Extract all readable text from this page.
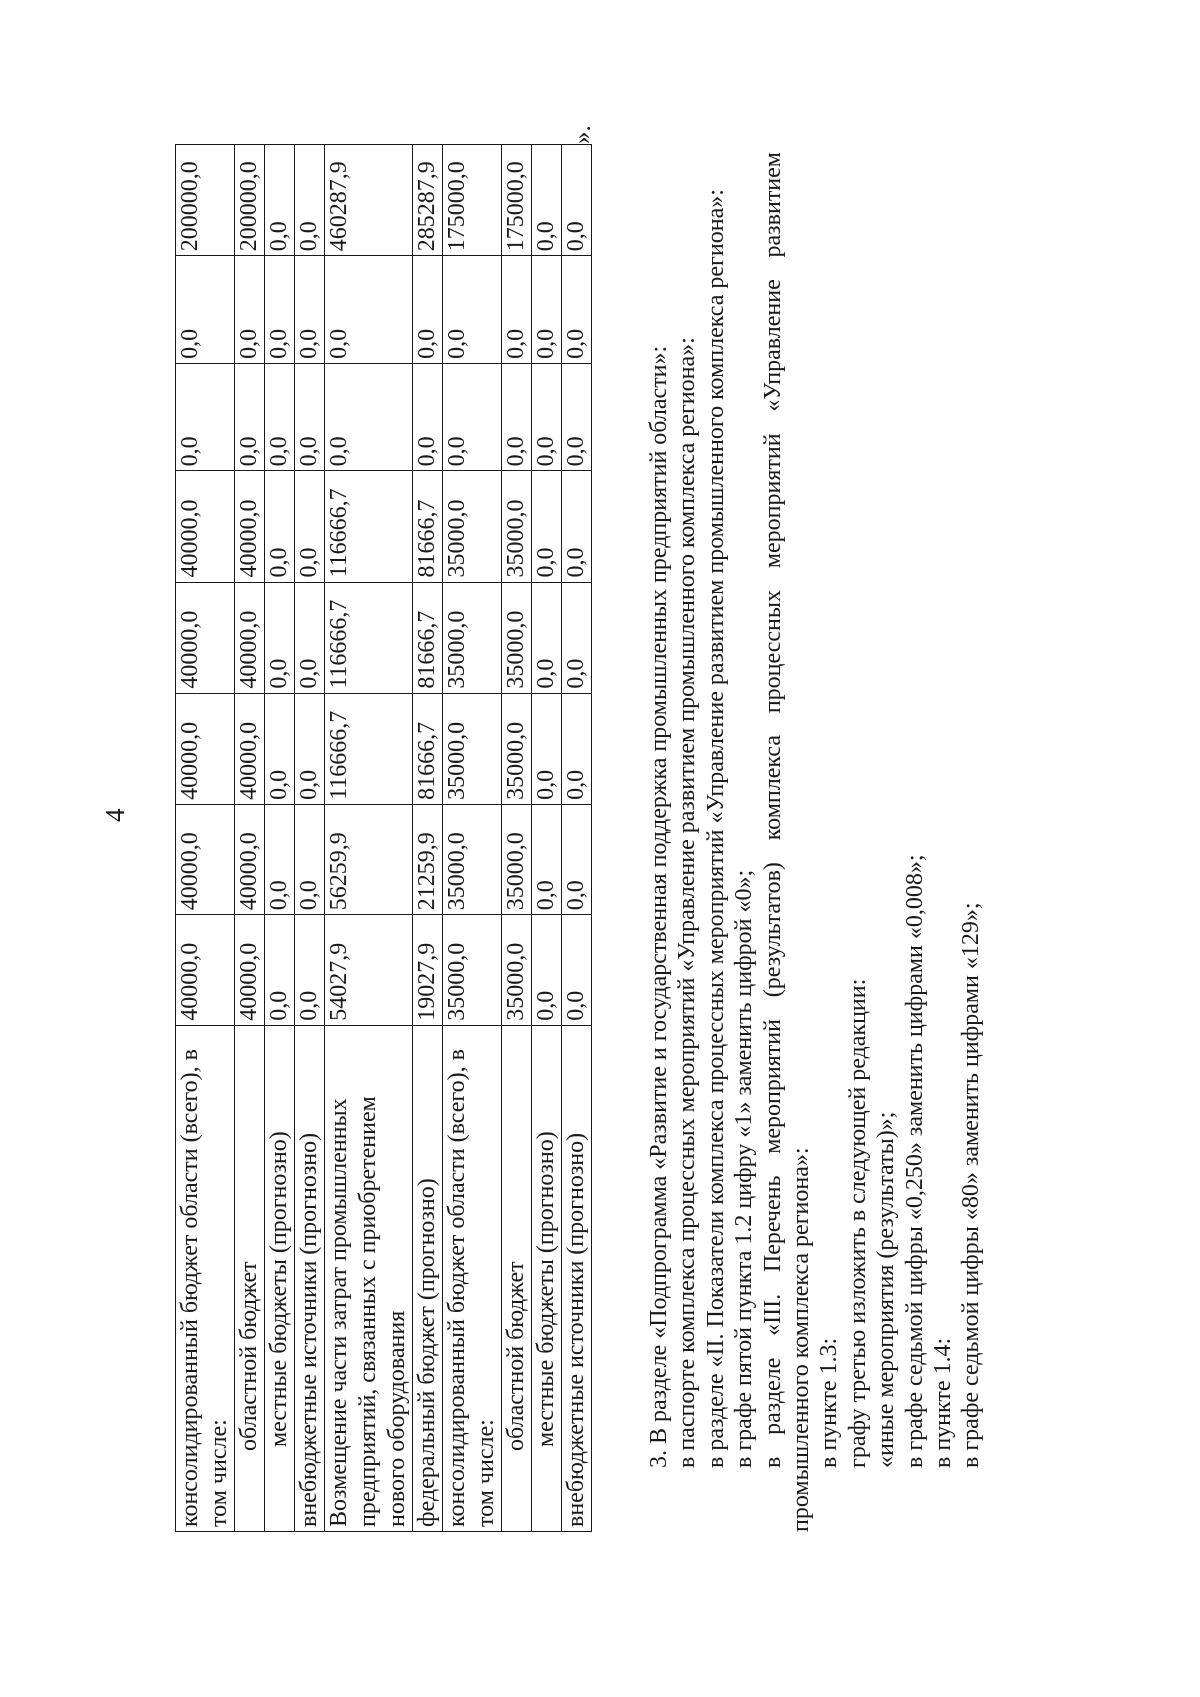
4
консолидированный бюджет области (всего), в том числе:	40000,0	40000,0	40000,0	40000,0	40000,0	0,0	0,0	200000,0
областной бюджет	40000,0	40000,0	40000,0	40000,0	40000,0	0,0	0,0	200000,0
местные бюджеты (прогнозно)	0,0	0,0	0,0	0,0	0,0	0,0	0,0	0,0
внебюджетные источники (прогнозно)	0,0	0,0	0,0	0,0	0,0	0,0	0,0	0,0
Возмещение части затрат промышленных предприятий, связанных с приобретением нового оборудования	54027,9	56259,9	116666,7	116666,7	116666,7	0,0	0,0	460287,9
федеральный бюджет (прогнозно)	19027,9	21259,9	81666,7	81666,7	81666,7	0,0	0,0	285287,9
консолидированный бюджет области (всего), в том числе:	35000,0	35000,0	35000,0	35000,0	35000,0	0,0	0,0	175000,0
областной бюджет	35000,0	35000,0	35000,0	35000,0	35000,0	0,0	0,0	175000,0
местные бюджеты (прогнозно)	0,0	0,0	0,0	0,0	0,0	0,0	0,0	0,0
внебюджетные источники (прогнозно)	0,0	0,0	0,0	0,0	0,0	0,0	0,0	0,0
».

3. В разделе «Подпрограмма «Развитие и государственная поддержка промышленных предприятий области»: в паспорте комплекса процессных мероприятий «Управление развитием промышленного комплекса региона»: в разделе «II. Показатели комплекса процессных мероприятий «Управление развитием промышленного комплекса региона»: в графе пятой пункта 1.2 цифру «1» заменить цифрой «0»; в разделе «III. Перечень мероприятий (результатов) комплекса процессных мероприятий «Управление развитием промышленного комплекса региона»: в пункте 1.3: графу третью изложить в следующей редакции: «иные мероприятия (результаты)»; в графе седьмой цифры «0,250» заменить цифрами «0,008»; в пункте 1.4: в графе седьмой цифры «80» заменить цифрами «129»;
